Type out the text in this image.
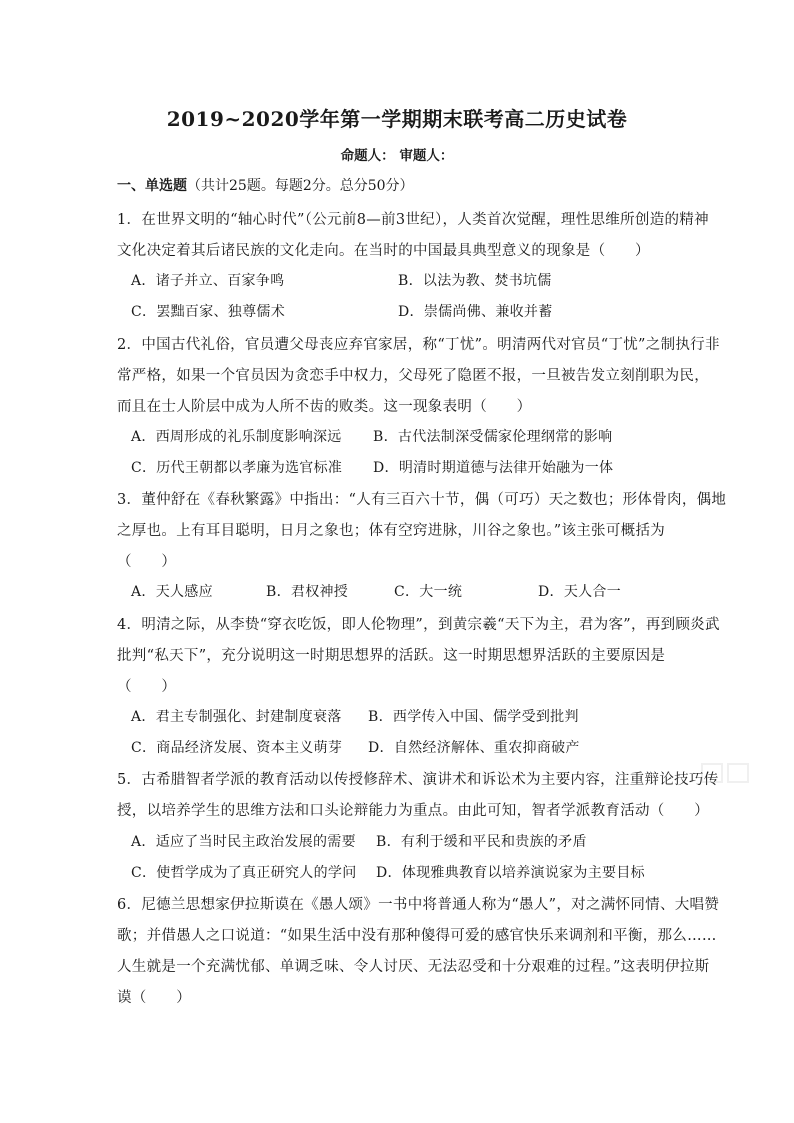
2019~2020学年第一学期期末联考高二历史试卷
命题人： 审题人：
一、单选题（共计25题。每题2分。总分50分）
1．在世界文明的“轴心时代”（公元前8—前3世纪），人类首次觉醒，理性思维所创造的精神
文化决定着其后诸民族的文化走向。在当时的中国最具典型意义的现象是（　　）
A．诸子并立、百家争鸣	B．以法为教、焚书坑儒
C．罢黜百家、独尊儒术	D．崇儒尚佛、兼收并蓄
2．中国古代礼俗，官员遭父母丧应弃官家居，称“丁忧”。明清两代对官员“丁忧”之制执行非
常严格，如果一个官员因为贪恋手中权力，父母死了隐匿不报，一旦被告发立刻削职为民，
而且在士人阶层中成为人所不齿的败类。这一现象表明（　　）
A．西周形成的礼乐制度影响深远 B．古代法制深受儒家伦理纲常的影响
C．历代王朝都以孝廉为选官标准 D．明清时期道德与法律开始融为一体
3．董仲舒在《春秋繁露》中指出：“人有三百六十节，偶（可巧）天之数也；形体骨肉，偶地
之厚也。上有耳目聪明，日月之象也；体有空窍进脉，川谷之象也。”该主张可概括为
（　　）
A．天人感应	B．君权神授	C．大一统	D．天人合一
4．明清之际，从李贽“穿衣吃饭，即人伦物理”，到黄宗羲“天下为主，君为客”，再到顾炎武
批判“私天下”，充分说明这一时期思想界的活跃。这一时期思想界活跃的主要原因是
（　　）
A．君主专制强化、封建制度衰落 B．西学传入中国、儒学受到批判
C．商品经济发展、资本主义萌芽 D．自然经济解体、重农抑商破产
5．古希腊智者学派的教育活动以传授修辞术、演讲术和诉讼术为主要内容，注重辩论技巧传
授，以培养学生的思维方法和口头论辩能力为重点。由此可知，智者学派教育活动（　　）
A．适应了当时民主政治发展的需要 B．有利于缓和平民和贵族的矛盾
C．使哲学成为了真正研究人的学问 D．体现雅典教育以培养演说家为主要目标
6．尼德兰思想家伊拉斯谟在《愚人颂》一书中将普通人称为“愚人”，对之满怀同情、大唱赞
歌；并借愚人之口说道：“如果生活中没有那种傻得可爱的感官快乐来调剂和平衡，那么……
人生就是一个充满忧郁、单调乏味、令人讨厌、无法忍受和十分艰难的过程。”这表明伊拉斯
谟（　　）
